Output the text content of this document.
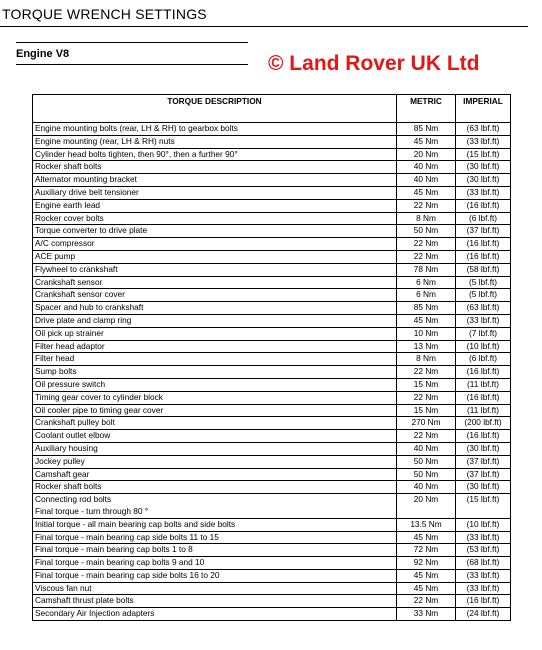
TORQUE WRENCH SETTINGS
Engine V8	© Land Rover UK Ltd
TORQUE DESCRIPTION	METRIC	IMPERIAL

Engine mounting bolts (rear, LH & RH) to gearbox bolts	85 Nm	(63 lbf.ft)

Engine mounting (rear, LH & RH) nuts	45 Nm	(33 lbf.ft)

Cylinder head bolts tighten, then 90°, then a further 90°	20 Nm	(15 lbf.ft)

Rocker shaft bolts	40 Nm	(30 lbf.ft)

Alternator mounting bracket	40 Nm	(30 lbf.ft)

Auxiliary drive belt tensioner	45 Nm	(33 lbf.ft)

Engine earth lead	22 Nm	(16 lbf.ft)

Rocker cover bolts	8 Nm	(6 lbf.ft)

Torque converter to drive plate	50 Nm	(37 lbf.ft)

A/C compressor	22 Nm	(16 lbf.ft)

ACE pump	22 Nm	(16 lbf.ft)

Flywheel to crankshaft	78 Nm	(58 lbf.ft)

Crankshaft sensor	6 Nm	(5 lbf.ft)

Crankshaft sensor cover	6 Nm	(5 lbf.ft)

Spacer and hub to crankshaft	85 Nm	(63 lbf.ft)

Drive plate and clamp ring	45 Nm	(33 lbf.ft)

Oil pick up strainer	10 Nm	(7 lbf.ft)

Filter head adaptor	13 Nm	(10 lbf.ft)

Filter head	8 Nm	(6 lbf.ft)

Sump bolts	22 Nm	(16 lbf.ft)

Oil pressure switch	15 Nm	(11 lbf.ft)

Timing gear cover to cylinder block	22 Nm	(16 lbf.ft)

Oil cooler pipe to timing gear cover	15 Nm	(11 lbf.ft)

Crankshaft pulley bolt	270 Nm	(200 lbf.ft)

Coolant outlet elbow	22 Nm	(16 lbf.ft)

Auxiliary housing	40 Nm	(30 lbf.ft)

Jockey pulley	50 Nm	(37 lbf.ft)

Camshaft gear	50 Nm	(37 lbf.ft)

Rocker shaft bolts	40 Nm	(30 lbf.ft)

Connecting rod bolts
Final torque - turn through 80 °	20 Nm	(15 lbf.ft)

Initial torque - all main bearing cap bolts and side bolts	13.5 Nm	(10 lbf.ft)

Final torque - main bearing cap side bolts 11 to 15	45 Nm	(33 lbf.ft)

Final torque - main bearing cap bolts 1 to 8	72 Nm	(53 lbf.ft)

Final torque - main bearing cap bolts 9 and 10	92 Nm	(68 lbf.ft)

Final torque - main bearing cap side bolts 16 to 20	45 Nm	(33 lbf.ft)

Viscous fan nut	45 Nm	(33 lbf.ft)

Camshaft thrust plate bolts	22 Nm	(16 lbf.ft)

Secondary Air Injection adapters	33 Nm	(24 lbf.ft)
